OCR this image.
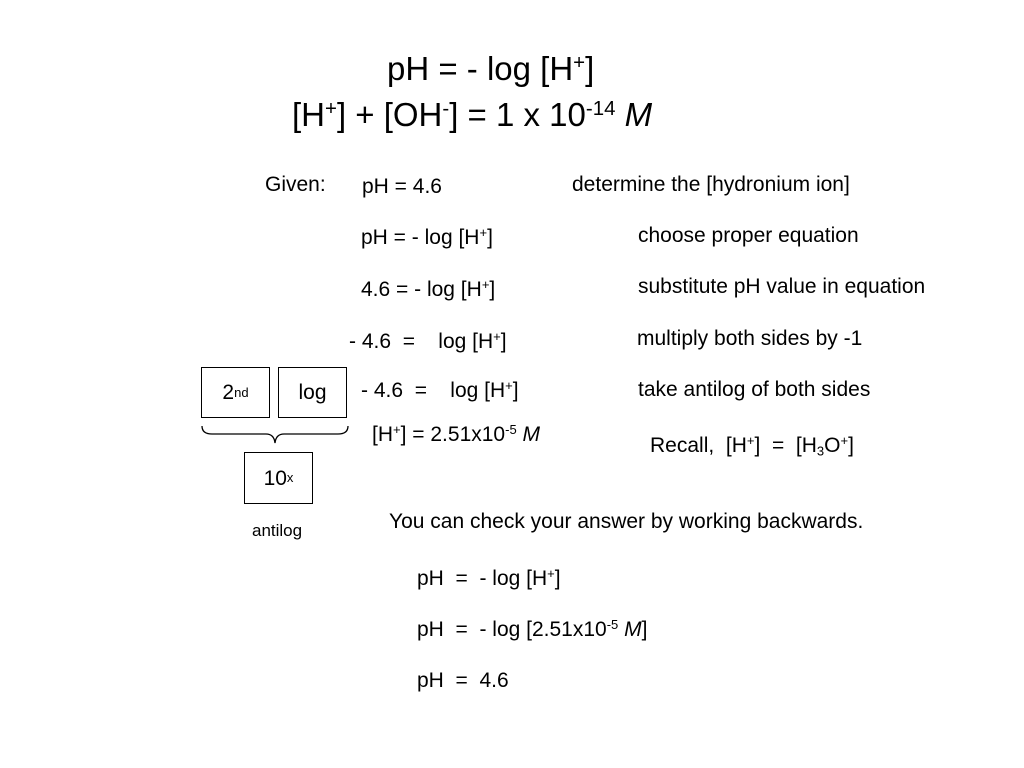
pH = - log [H+]
[H+] + [OH-] = 1 x $10^{-14}$ M
Given: pH = 4.6	determine the [hydronium ion]
pH = - log [H+]	choose proper equation
4.6 = - log [H+]	substitute pH value in equation
- 4.6  =    log [H+]	multiply both sides by -1
- 4.6  =    log [H+]	take antilog of both sides
$[H^+] = 2.51x10^{-5}$ M	Recall,  $[H^+] = [H_3O^+]$
2 nd log
10 x
antilog	You can check your answer by working backwards.
pH  =  - log [H+]
pH  =  - $\log [2.51x10^{-5}$ M]
pH  =  4.6
